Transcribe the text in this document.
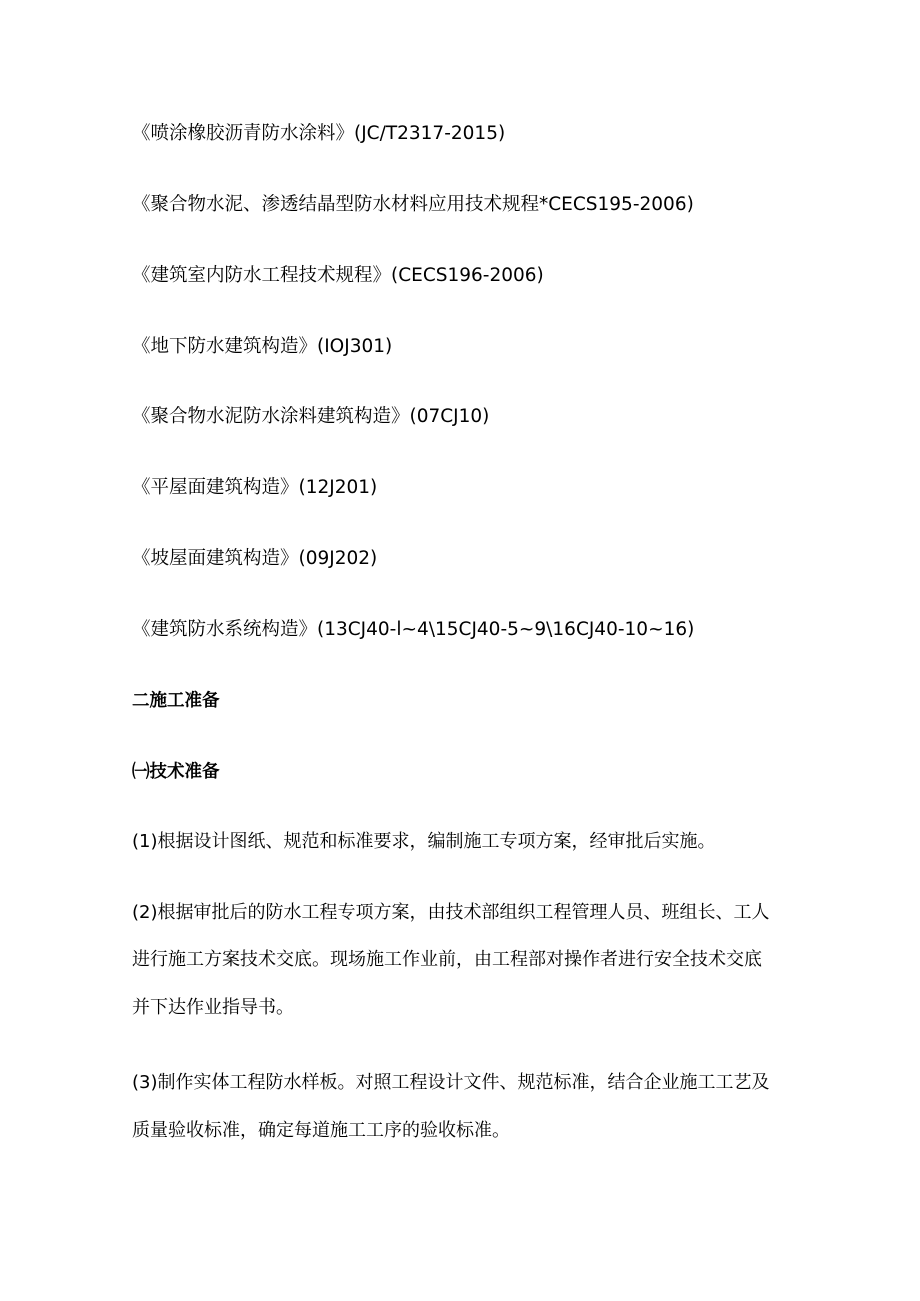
《喷涂橡胶沥青防水涂料》(JC/T2317-2015)

《聚合物水泥、渗透结晶型防水材料应用技术规程*CECS195-2006)

《建筑室内防水工程技术规程》(CECS196-2006)

《地下防水建筑构造》(IOJ301)

《聚合物水泥防水涂料建筑构造》(07CJ10)

《平屋面建筑构造》(12J201)

《坡屋面建筑构造》(09J202)

《建筑防水系统构造》(13CJ40-l~4\15CJ40-5~9\16CJ40-10~16)

二施工准备
㈠技术准备

(1)根据设计图纸、规范和标准要求，编制施工专项方案，经审批后实施。

(2)根据审批后的防水工程专项方案，由技术部组织工程管理人员、班组长、工人

进行施工方案技术交底。现场施工作业前，由工程部对操作者进行安全技术交底

并下达作业指导书。

(3)制作实体工程防水样板。对照工程设计文件、规范标准，结合企业施工工艺及

质量验收标准，确定每道施工工序的验收标准。
